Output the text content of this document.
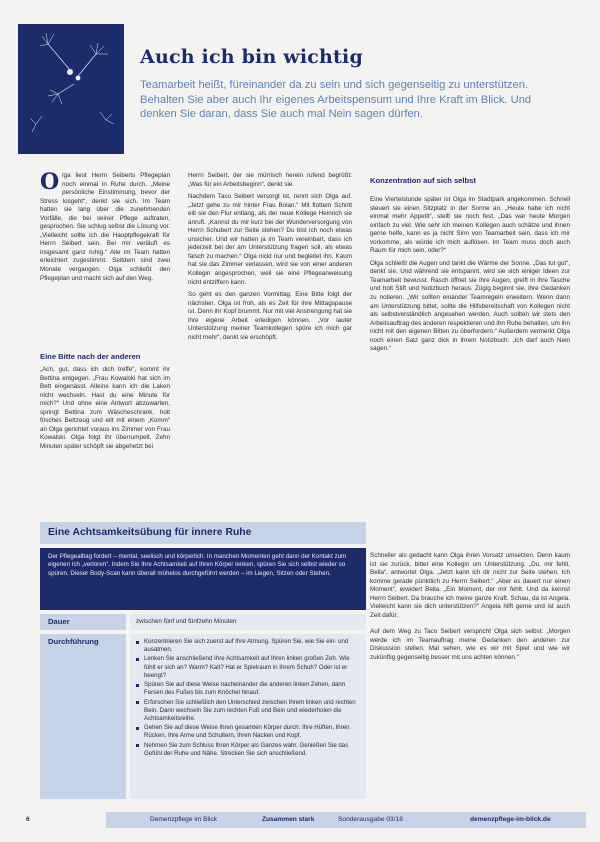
Auch ich bin wichtig

Teamarbeit heißt, füreinander da zu sein und sich gegenseitig zu unterstützen. Behalten Sie aber auch Ihr eigenes Arbeitspensum und Ihre Kraft im Blick. Und denken Sie daran, dass Sie auch mal Nein sagen dürfen.

Olga liest Herrn Seiberts Pflegeplan noch einmal in Ruhe durch. „Meine persönliche Einstimmung, bevor der Stress losgeht“, denkt sie sich. Im Team hatten sie lang über die zunehmenden Vorfälle, die bei seiner Pflege auftraten, gesprochen. Sie schlug selbst die Lösung vor. „Vielleicht sollte ich die Hauptpflegekraft für Herrn Seibert sein. Bei mir verläuft es insgesamt ganz ruhig.“ Alle im Team hatten erleichtert zugestimmt. Seitdem sind zwei Monate vergangen. Olga schließt den Pflegeplan und macht sich auf den Weg.

Eine Bitte nach der anderen

„Ach, gut, dass ich dich treffe“, kommt ihr Bettina entgegen. „Frau Kowalski hat sich im Bett eingenässt. Alleine kann ich die Laken nicht wechseln. Hast du eine Minute für mich?“ Und ohne eine Antwort abzuwarten, springt Bettina zum Wäscheschrank, holt frisches Bettzeug und eilt mit einem „Komm“ an Olga gerichtet voraus ins Zimmer von Frau Kowalski. Olga folgt ihr überrumpelt. Zehn Minuten später schöpft sie abgehetzt bei

Herrn Seibert, der sie mürrisch herein rufend begrüßt: „Was für ein Arbeitsbeginn“, denkt sie.

Nachdem Taco Seibert versorgt ist, rennt sich Olga auf. „Jetzt gehe zu mir hinter Frau Bolan.“ Mit flottem Schritt eilt sie den Flur entlang, als der neue Kollege Heinrich sie anruft. „Kannst du mir kurz bei der Wunderversorgung von Herrn Schubert zur Seite stehen? Du bist ich noch etwas unsicher. Und wir hatten ja im Team vereinbart, dass ich jederzeit bei der am Unterstützung fragen soll, als etwas falsch zu machen.“ Olga nickt nur und begleitet ihn. Kaum hat sie das Zimmer verlassen, wird sie von einer anderen Kollegin angesprochen, weil sie eine Pflegeanweisung nicht entziffern kann.

So geht es den ganzen Vormittag. Eine Bitte folgt der nächsten. Olga ist froh, als es Zeit für ihre Mittagspause ist. Denn ihr Kopf brummt. Nur mit viel Anstrengung hat sie ihre eigene Arbeit erledigen können. „Vor lauter Unterstützung meiner Teamkollegen spüre ich mich gar nicht mehr“, denkt sie erschöpft.

Konzentration auf sich selbst

Eine Viertelstunde später ist Olga im Stadtpark angekommen. Schnell steuert sie einen Sitzplatz in der Sonne an. „Heute habe ich nicht einmal mehr Appetit“, stellt sie noch fest. „Das war heute Morgen einfach zu viel. Wie sehr ich meinen Kollegen auch schätze und ihnen gerne helfe, kann es ja nicht Sinn von Teamarbeit sein, dass ich mir vorkomme, als würde ich mich auflösen. Im Team muss doch auch Raum für mich sein, oder?“

Olga schließt die Augen und tankt die Wärme der Sonne. „Das tut gut“, denkt sie. Und während sie entspannt, wird sie sich einiger Ideen zur Teamarbeit bewusst. Rasch öffnet sie ihre Augen, greift in ihre Tasche und holt Stift und Notizbuch heraus. Zügig beginnt sie, ihre Gedanken zu notieren. „Wir sollten einander Teamregeln erweitern. Wenn dann am Unterstützung bittet, sollte die Hilfsbereitschaft von Kollegen nicht als selbstverständlich angesehen werden. Auch sollten wir stets den Arbeitsauftrag des anderen respektieren und ihn Ruhe behalten, um ihn nicht mit den eigenen Bitten zu überfordern.“ Außerdem vermerkt Olga noch einen Satz ganz dick in ihrem Notizbuch: „Ich darf auch Nein sagen.“

Schneller als gedacht kann Olga ihren Vorsatz umsetzen. Denn kaum ist sie zurück, bittet eine Kollegin um Unterstützung. „Du, mir fehlt, Bella“, antwortet Olga. „Jetzt kann ich dir nicht zur Seite stehen. Ich komme gerade pünktlich zu Herrn Seibert.“ „Aber es dauert nur einen Moment“, erwidert Bella. „Ein Moment, der mir fehlt. Und da kennst Herrn Seibert. Da brauche ich meine ganze Kraft. Schau, da ist Angela. Vielleicht kann sie dich unterstützen?“ Angela hilft gerne und ist auch Zeit dafür.

Auf dem Weg zu Taco Seibert verspricht Olga sich selbst: „Morgen werde ich im Teamauftrag meine Gedanken den anderen zur Diskussion stellen. Mal sehen, wie es wir mit Spiel und wie wir zukünftig gegenseitig besser mit uns achten können.“

Eine Achtsamkeitsübung für innere Ruhe
Der Pflegealltag fordert – mental, seelisch und körperlich. In manchen Momenten geht dann der Kontakt zum eigenen Ich „verloren“. Indem Sie Ihre Achtsamkeit auf Ihren Körper lenken, spüren Sie sich selbst wieder so spüren. Dieser Body-Scan kann überall mühelos durchgeführt werden – im Liegen, Sitzen oder Stehen.
Dauer	zwischen fünf und fünfzehn Minuten
Durchführung	Konzentrieren Sie sich zuerst auf Ihre Atmung. Spüren Sie, wie Sie ein- und ausatmen.
Lenken Sie anschließend Ihre Achtsamkeit auf Ihren linken großen Zeh. Wie fühlt er sich an? Warm? Kalt? Hat er Spielraum in Ihrem Schuh? Oder ist er beengt?
Spüren Sie auf diese Weise nacheinander die anderen linken Zehen, dann Fersen des Fußes bis zum Knöchel hinauf.
Erforschen Sie schließlich den Unterschied zwischen Ihrem linken und rechten Bein. Dann wechseln Sie zum rechten Fuß und Bein und wiederholen die Achtsamkeitsreihe.
Gehen Sie auf diese Weise Ihren gesamten Körper durch: Ihre Hüften, Ihren Rücken, Ihre Arme und Schultern, Ihren Nacken und Kopf.
Nehmen Sie zum Schluss Ihren Körper als Ganzes wahr. Genießen Sie das Gefühl der Ruhe und Nähe. Strecken Sie sich anschließend.
6	Demenzpflege im Blick	Zusammen stark	Sonderausgabe 03/18	demenzpflege-im-blick.de
